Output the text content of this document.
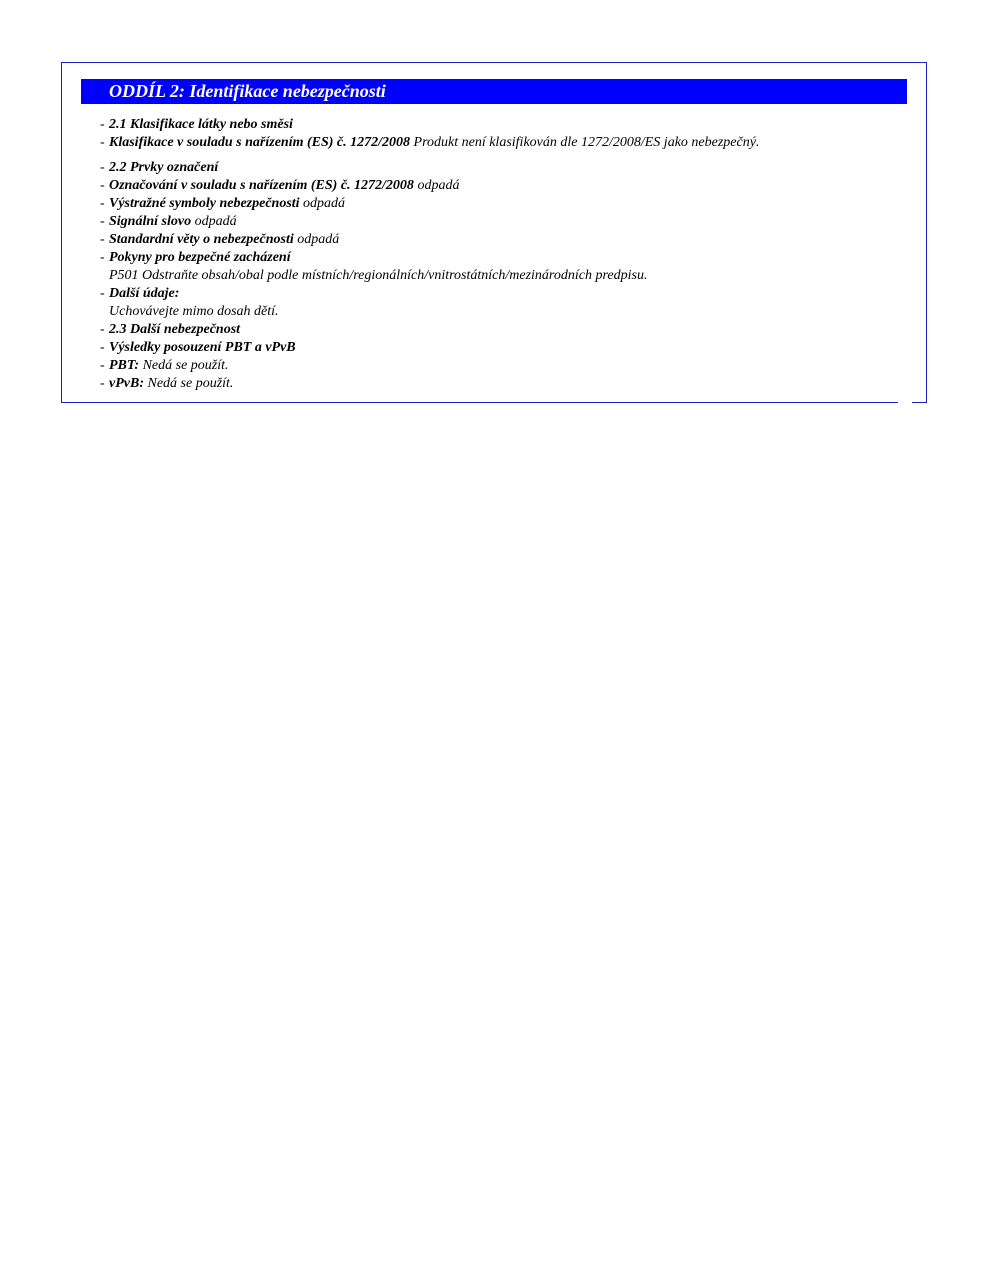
ODDÍL 2: Identifikace nebezpečnosti
- 2.1 Klasifikace látky nebo směsi
- Klasifikace v souladu s nařízením (ES) č. 1272/2008 Produkt není klasifikován dle 1272/2008/ES jako nebezpečný.
- 2.2 Prvky označení
- Označování v souladu s nařízením (ES) č. 1272/2008 odpadá
- Výstražné symboly nebezpečnosti odpadá
- Signální slovo odpadá
- Standardní věty o nebezpečnosti odpadá
- Pokyny pro bezpečné zacházení
P501 Odstraňte obsah/obal podle místních/regionálních/vnitrostátních/mezinárodních predpisu.
- Další údaje:
Uchovávejte mimo dosah dětí.
- 2.3 Další nebezpečnost
- Výsledky posouzení PBT a vPvB
- PBT: Nedá se použít.
- vPvB: Nedá se použít.
